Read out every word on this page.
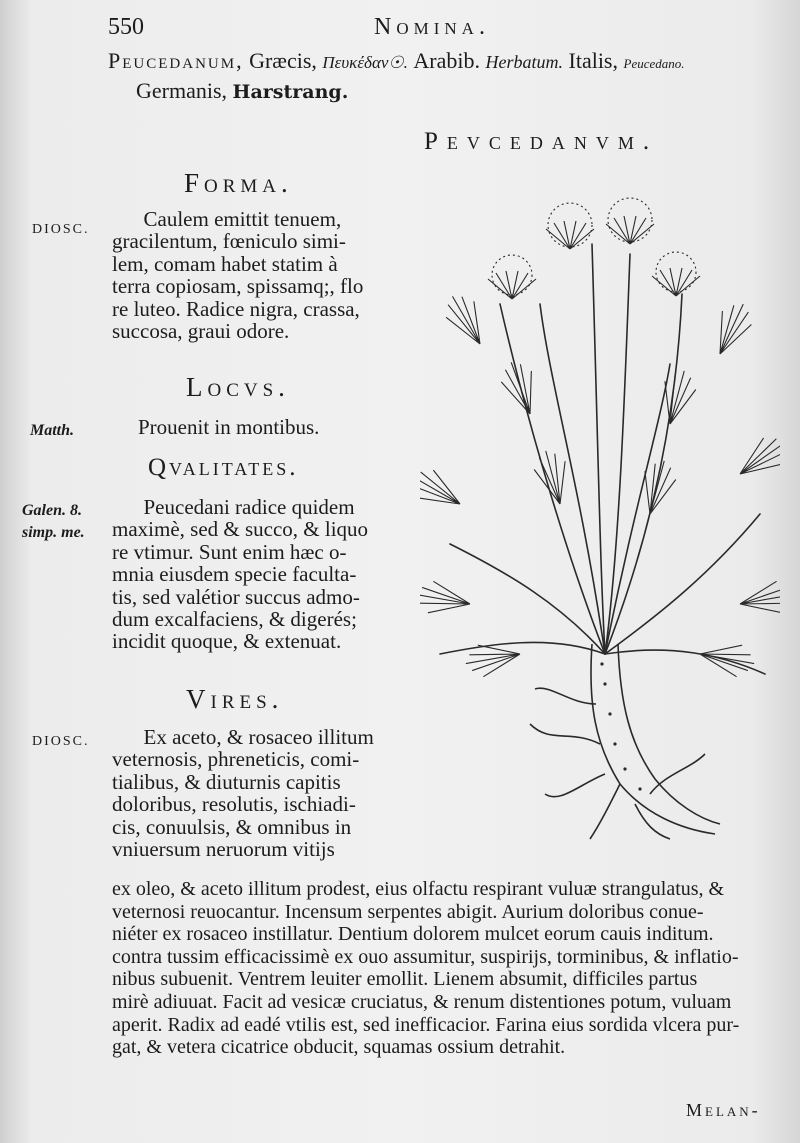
550	Nomina.
Peucedanum, Græcis, Πευκέδαν☉. Arabib. Herbatum. Italis, Peucedano.
Germanis, Harstrang.
Pevcedanvm.
Forma.
DIOSC. Caulem emittit tenuem,
gracilentum, fœniculo simi-
lem, comam habet statim à
terra copiosam, spissamq;, flo
re luteo. Radice nigra, crassa,
succosa, graui odore.
Locvs.
Matth.	Prouenit in montibus.
Qvalitates.
Galen. 8.
simp. me.
Peucedani radice quidem
maximè, sed & succo, & liquo
re vtimur. Sunt enim hæc o-
mnia eiusdem specie faculta-
tis, sed valétior succus admo-
dum excalfaciens, & digerés;
incidit quoque, & extenuat.
Vires.
DIOSC. Ex aceto, & rosaceo illitum
veternosis, phreneticis, comi-
tialibus, & diuturnis capitis
doloribus, resolutis, ischiadi-
cis, conuulsis, & omnibus in
vniuersum neruorum vitijs
ex oleo, & aceto illitum prodest, eius olfactu respirant vuluæ strangulatus, &
veternosi reuocantur. Incensum serpentes abigit. Aurium doloribus conue-
niéter ex rosaceo instillatur. Dentium dolorem mulcet eorum cauis inditum.
contra tussim efficacissimè ex ouo assumitur, suspirijs, torminibus, & inflatio-
nibus subuenit. Ventrem leuiter emollit. Lienem absumit, difficiles partus
mirè adiuuat. Facit ad vesicæ cruciatus, & renum distentiones potum, vuluam
aperit. Radix ad eadé vtilis est, sed inefficacior. Farina eius sordida vlcera pur-
gat, & vetera cicatrice obducit, squamas ossium detrahit.
Melan-
